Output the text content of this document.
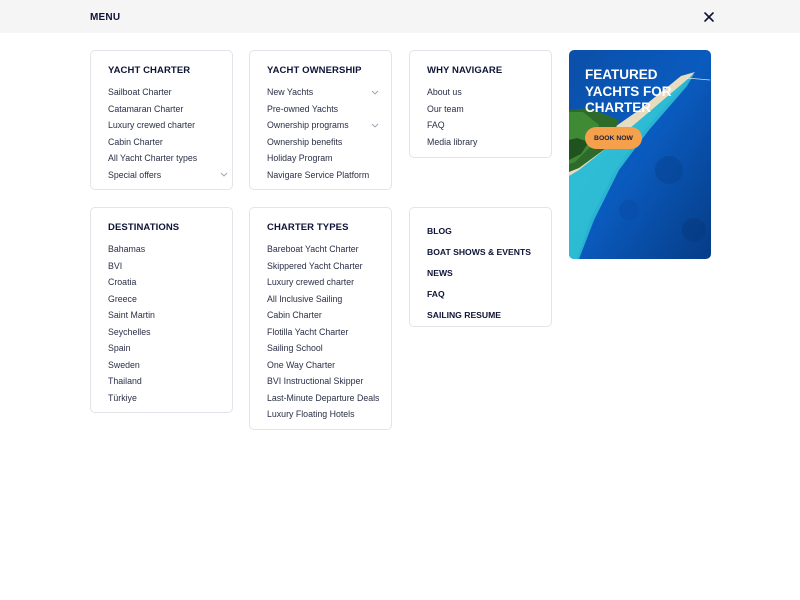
MENU
YACHT CHARTER
Sailboat Charter
Catamaran Charter
Luxury crewed charter
Cabin Charter
All Yacht Charter types
Special offers
YACHT OWNERSHIP
New Yachts
Pre-owned Yachts
Ownership programs
Ownership benefits
Holiday Program
Navigare Service Platform
WHY NAVIGARE
About us
Our team
FAQ
Media library
FEATURED YACHTS FOR CHARTER
BOOK NOW
DESTINATIONS
Bahamas
BVI
Croatia
Greece
Saint Martin
Seychelles
Spain
Sweden
Thailand
Türkiye
CHARTER TYPES
Bareboat Yacht Charter
Skippered Yacht Charter
Luxury crewed charter
All Inclusive Sailing
Cabin Charter
Flotilla Yacht Charter
Sailing School
One Way Charter
BVI Instructional Skipper
Last-Minute Departure Deals
Luxury Floating Hotels
BLOG
BOAT SHOWS & EVENTS
NEWS
FAQ
SAILING RESUME
